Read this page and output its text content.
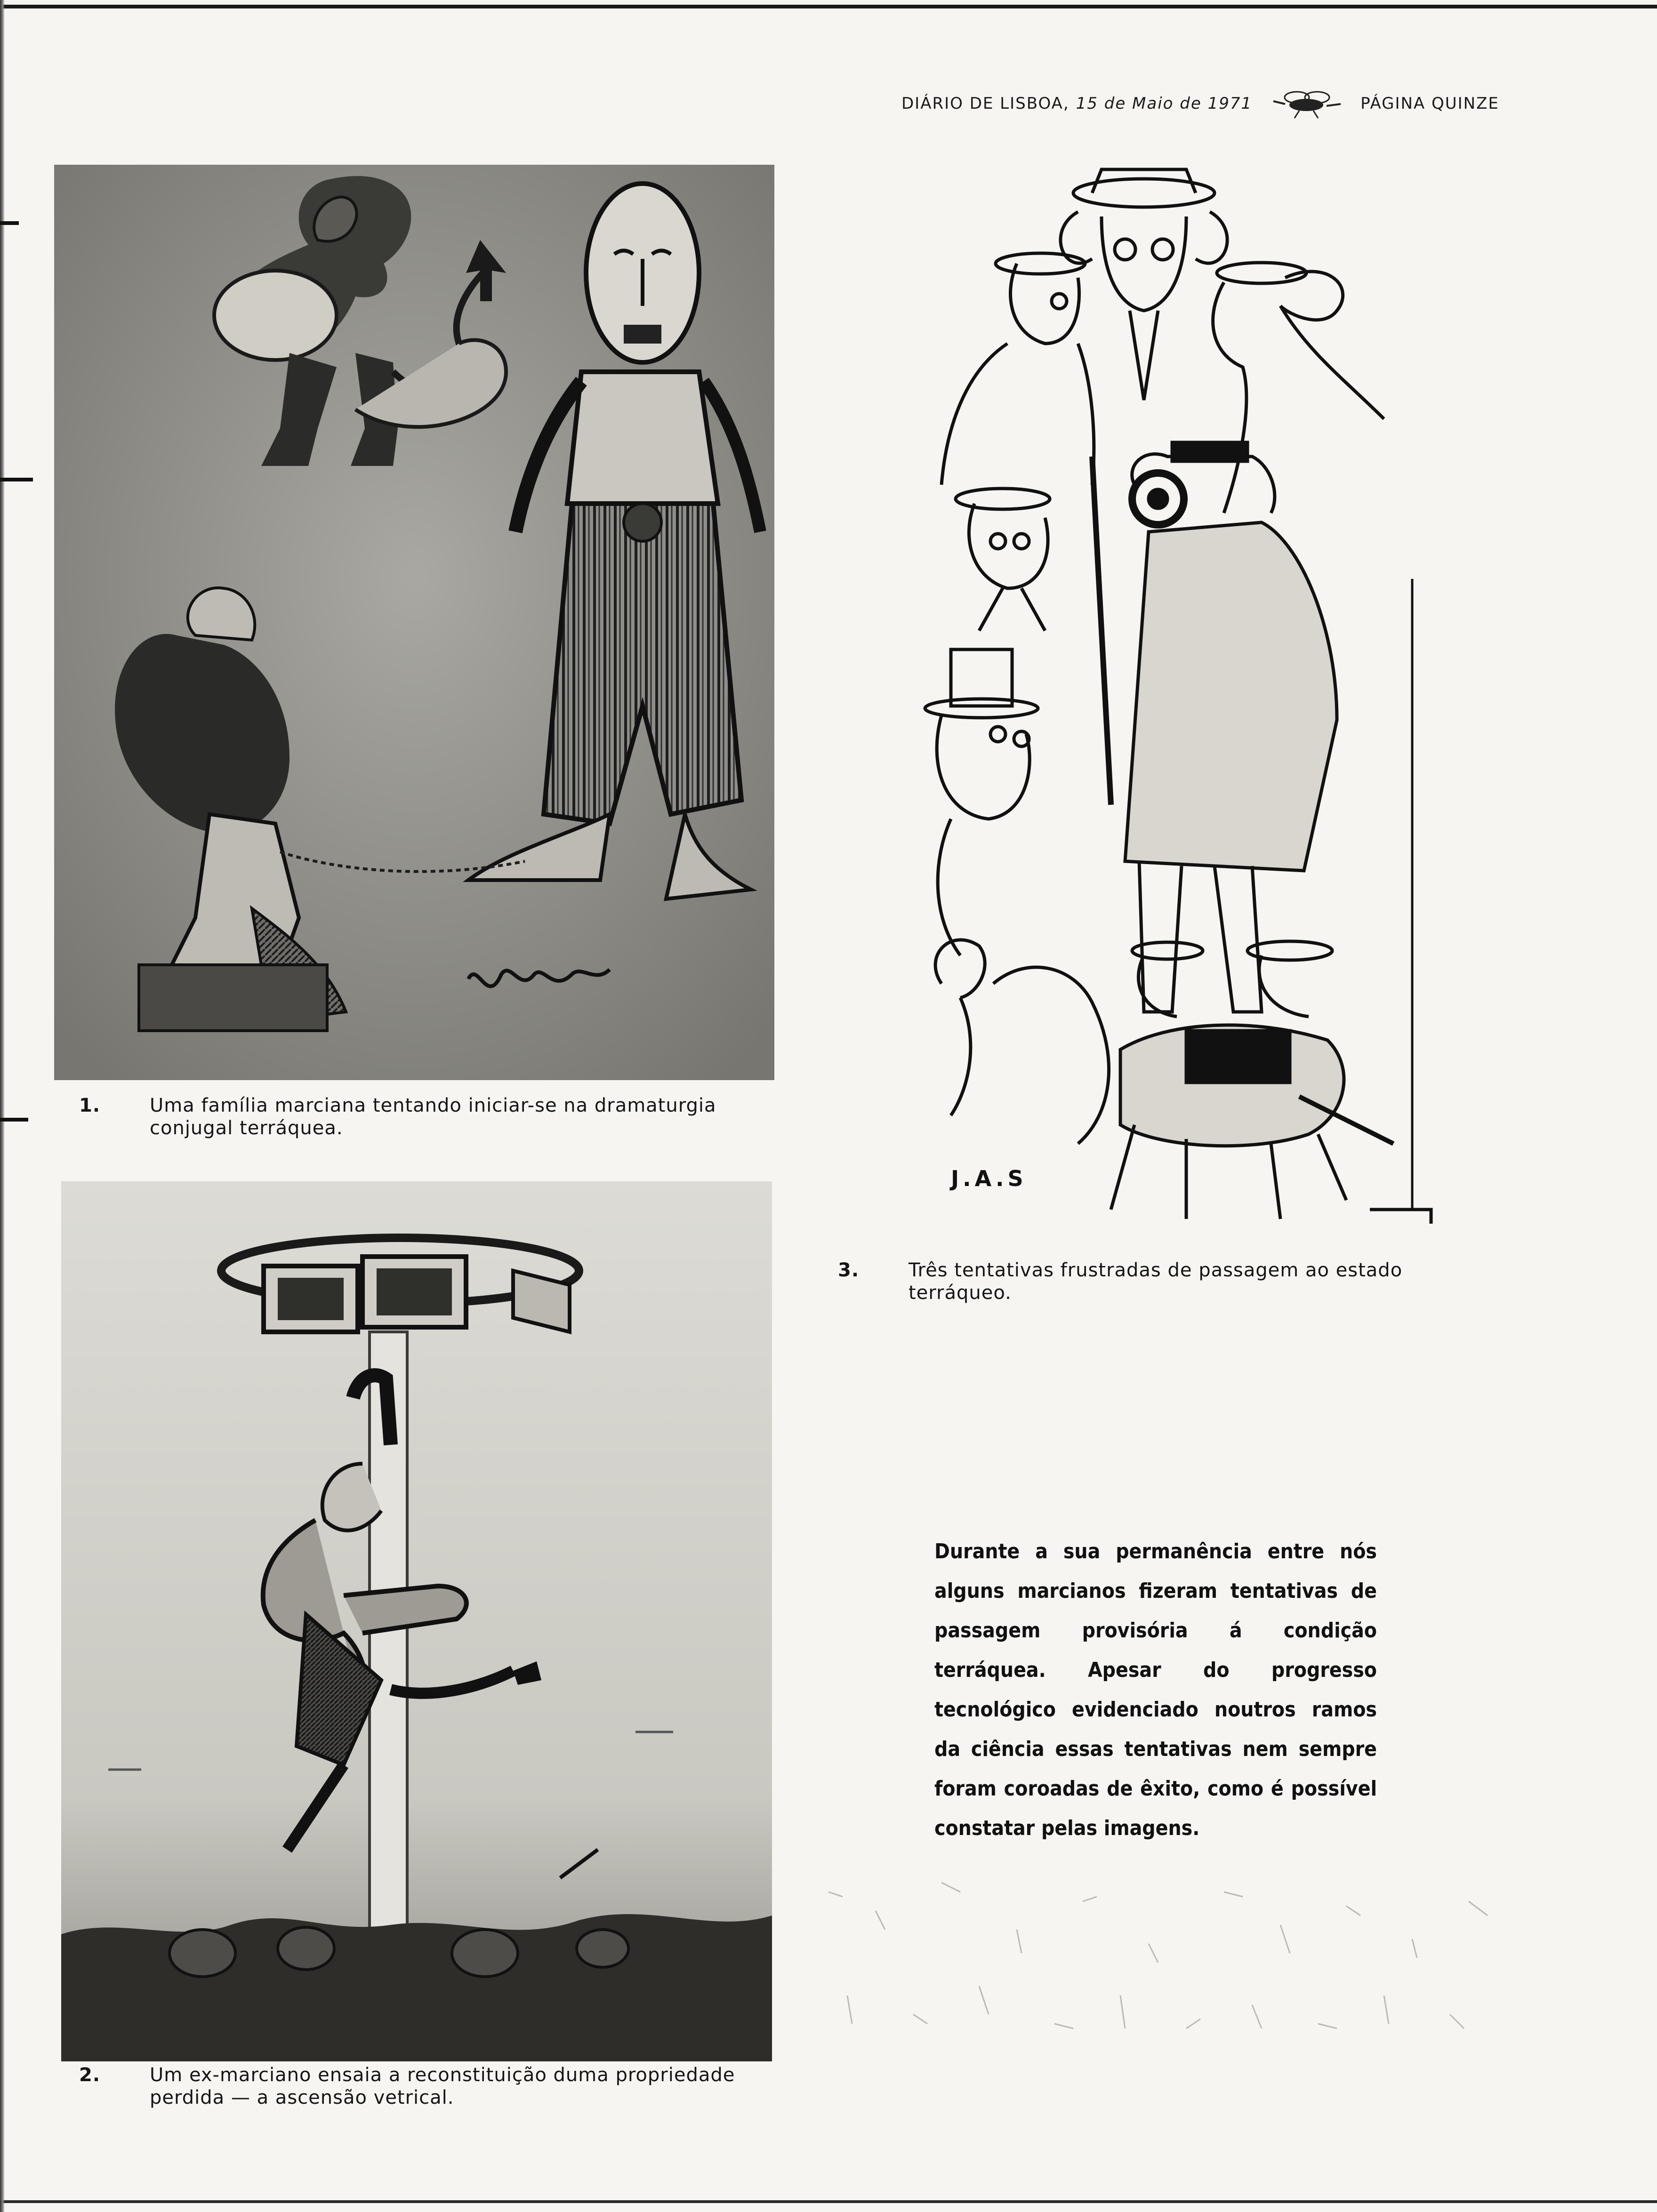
DIÁRIO DE LISBOA, 15 de Maio de 1971	PÁGINA QUINZE
J.A.S
1.	Uma família marciana tentando iniciar-se na dramaturgia conjugal terráquea.
2.	Um ex-marciano ensaia a reconstituição duma propriedade perdida — a ascensão vetrical.
3.	Três tentativas frustradas de passagem ao estado terráqueo.
Durante a sua permanência entre nós alguns marcianos fizeram tentativas de passagem provisória á condição terráquea. Apesar do progresso tecnológico evidenciado noutros ramos da ciência essas tentativas nem sempre foram coroadas de êxito, como é possível constatar pelas imagens.
